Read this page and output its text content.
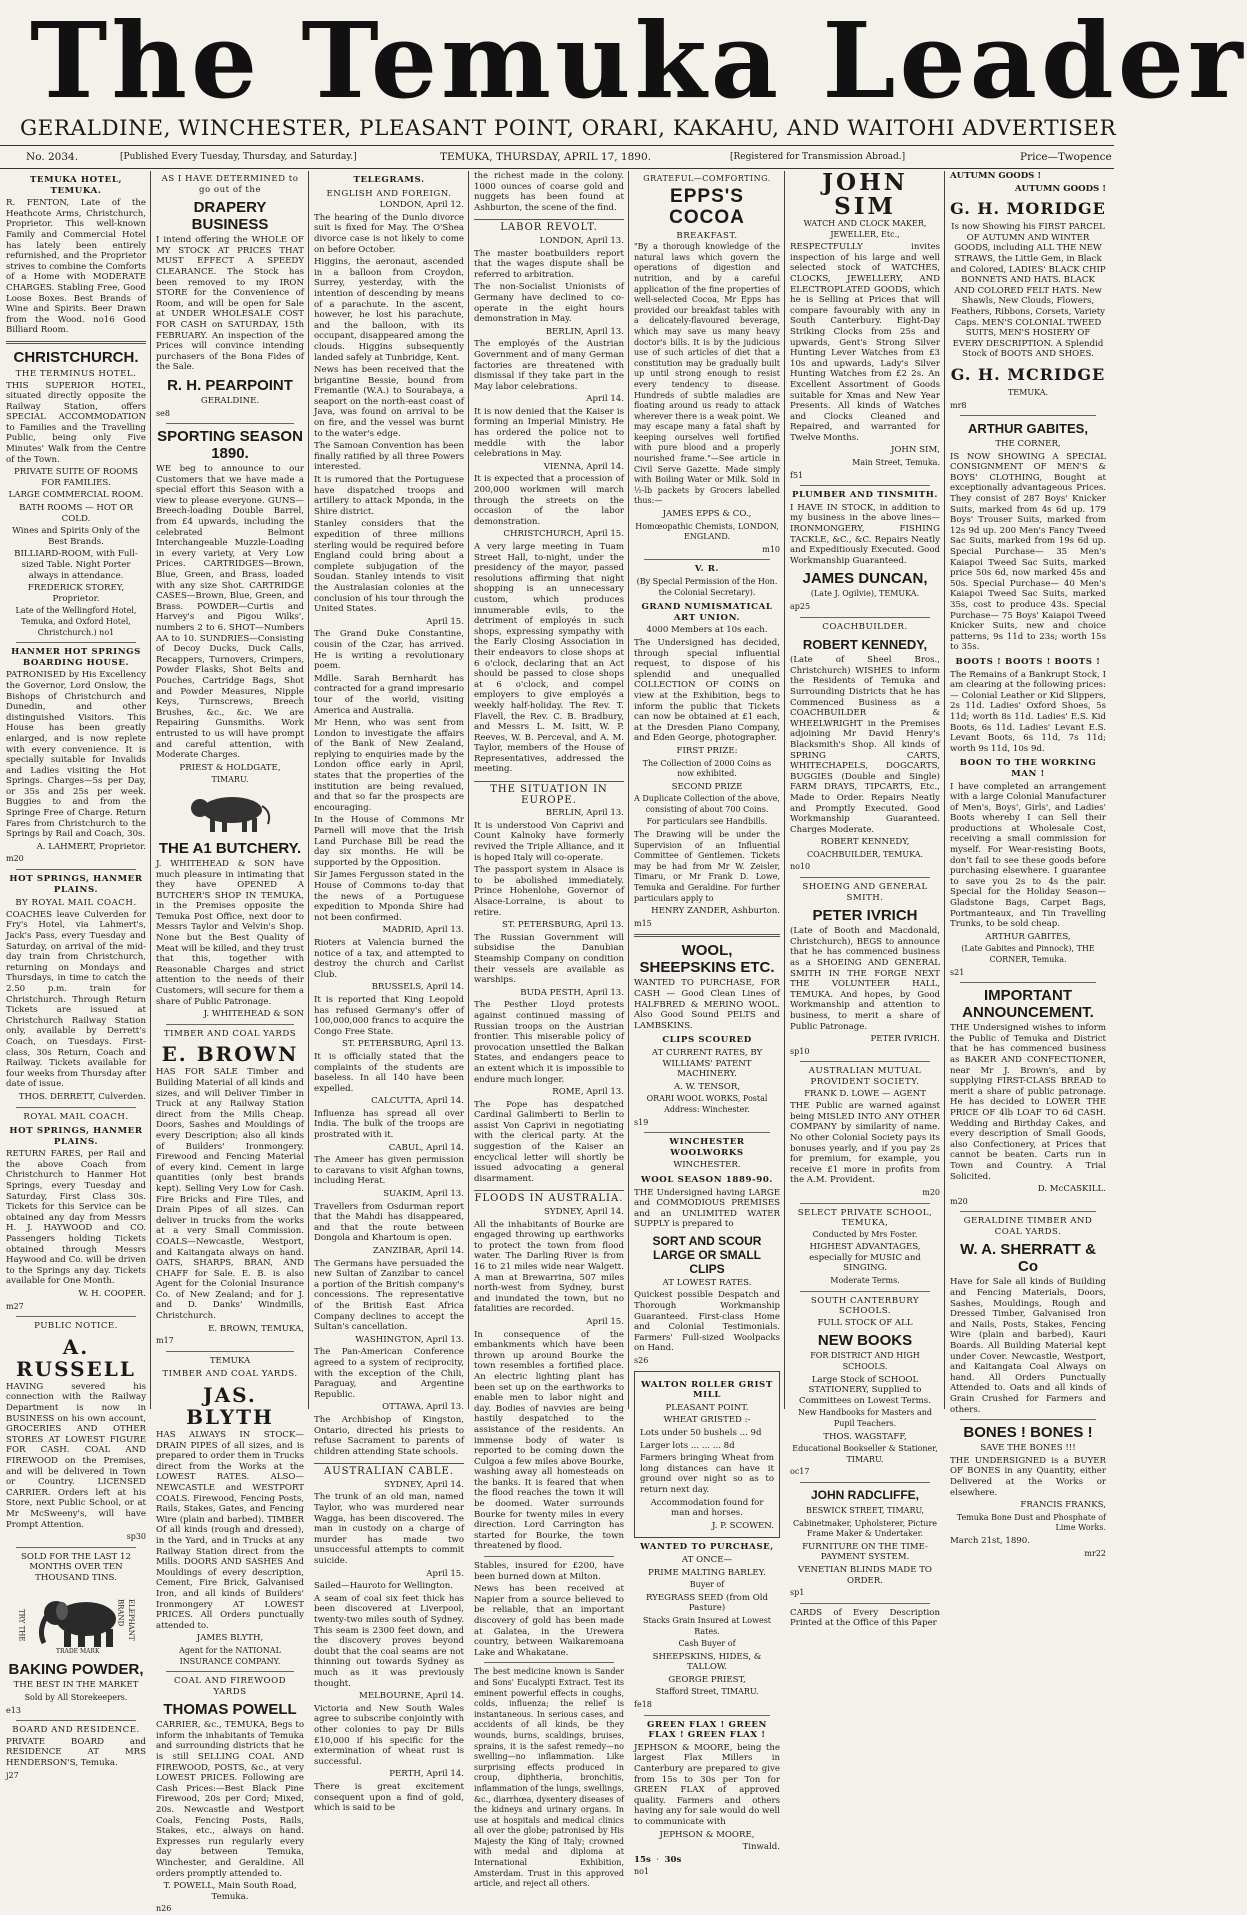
The Temuka Leader
GERALDINE, WINCHESTER, PLEASANT POINT, ORARI, KAKAHU, AND WAITOHI ADVERTISER
No. 2034.	[Published Every Tuesday, Thursday, and Saturday.]	TEMUKA, THURSDAY, APRIL 17, 1890.	[Registered for Transmission Abroad.]	Price—Twopence
TEMUKA HOTEL, TEMUKA.

R. FENTON, Late of the Heathcote Arms, Christchurch, Proprietor. This well-known Family and Commercial Hotel has lately been entirely refurnished, and the Proprietor strives to combine the Comforts of a Home with MODERATE CHARGES. Stabling Free, Good Loose Boxes. Best Brands of Wine and Spirits. Beer Drawn from the Wood. no16 Good Billiard Room.

CHRISTCHURCH.
THE TERMINUS HOTEL.

THIS SUPERIOR HOTEL, situated directly opposite the Railway Station, offers SPECIAL ACCOMMODATION to Families and the Travelling Public, being only Five Minutes' Walk from the Centre of the Town.

PRIVATE SUITE OF ROOMS FOR FAMILIES.

LARGE COMMERCIAL ROOM.

BATH ROOMS — HOT OR COLD.

Wines and Spirits Only of the Best Brands.

BILLIARD-ROOM, with Full-sized Table. Night Porter always in attendance.

FREDERICK STOREY, Proprietor.

Late of the Wellingford Hotel, Temuka, and Oxford Hotel, Christchurch.) no1

HANMER HOT SPRINGS BOARDING HOUSE.

PATRONISED by His Excellency the Governor, Lord Onslow, the Bishops of Christchurch and Dunedin, and other distinguished Visitors. This House has been greatly enlarged, and is now replete with every convenience. It is specially suitable for Invalids and Ladies visiting the Hot Springs. Charges—5s per Day, or 35s and 25s per week. Buggies to and from the Springe Free of Charge. Return Fares from Christchurch to the Springs by Rail and Coach, 30s.

A. LAHMERT, Proprietor.

m20

HOT SPRINGS, HANMER PLAINS.
BY ROYAL MAIL COACH.

COACHES leave Culverden for Fry's Hotel, via Lahmert's, Jack's Pass, every Tuesday and Saturday, on arrival of the mid-day train from Christchurch, returning on Mondays and Thursdays, in time to catch the 2.50 p.m. train for Christchurch. Through Return Tickets are issued at Christchurch Railway Station only, available by Derrett's Coach, on Tuesdays. First-class, 30s Return, Coach and Railway. Tickets available for four weeks from Thursday after date of issue.

THOS. DERRETT, Culverden.

ROYAL MAIL COACH.
HOT SPRINGS, HANMER PLAINS.

RETURN FARES, per Rail and the above Coach from Christchurch to Hanmer Hot Springs, every Tuesday and Saturday, First Class 30s. Tickets for this Service can be obtained any day from Messrs H. J. HAYWOOD and CO. Passengers holding Tickets obtained through Messrs Haywood and Co. will be driven to the Springs any day. Tickets available for One Month.

W. H. COOPER.

m27

PUBLIC NOTICE.
A. RUSSELL

HAVING severed his connection with the Railway Department is now in BUSINESS on his own account, GROCERIES AND OTHER STORES AT LOWEST FIGURE FOR CASH. COAL AND FIREWOOD on the Premises, and will be delivered in Town or Country. LICENSED CARRIER. Orders left at his Store, next Public School, or at Mr McSweeny's, will have Prompt Attention.

sp30

SOLD FOR THE LAST 12 MONTHS OVER TEN THOUSAND TINS.

TRY THE	ELEPHANT BRAND
TRADE MARK
BAKING POWDER,

THE BEST IN THE MARKET

Sold by All Storekeepers.

e13

BOARD AND RESIDENCE.

PRIVATE BOARD and RESIDENCE AT MRS HENDERSON'S, Temuka.

j27

AS I HAVE DETERMINED to go out of the
DRAPERY BUSINESS

I intend offering the WHOLE OF MY STOCK AT PRICES THAT MUST EFFECT A SPEEDY CLEARANCE. The Stock has been removed to my IRON STORE for the Convenience of Room, and will be open for Sale at UNDER WHOLESALE COST FOR CASH on SATURDAY, 15th FEBRUARY. An inspection of the Prices will convince intending purchasers of the Bona Fides of the Sale.

R. H. PEARPOINT

GERALDINE.

se8

SPORTING SEASON 1890.

WE beg to announce to our Customers that we have made a special effort this Season with a view to please everyone. GUNS—Breech-loading Double Barrel, from £4 upwards, including the celebrated Belmont Interchangeable Muzzle-Loading in every variety, at Very Low Prices. CARTRIDGES—Brown, Blue, Green, and Brass, loaded with any size Shot. CARTRIDGE CASES—Brown, Blue, Green, and Brass. POWDER—Curtis and Harvey's and Pigou Wilks', numbers 2 to 6. SHOT—Numbers AA to 10. SUNDRIES—Consisting of Decoy Ducks, Duck Calls, Recappers, Turnovers, Crimpers, Powder Flasks, Shot Belts and Pouches, Cartridge Bags, Shot and Powder Measures, Nipple Keys, Turnscrews, Breech Brushes, &c., &c. We are Repairing Gunsmiths. Work entrusted to us will have prompt and careful attention, with Moderate Charges.

PRIEST & HOLDGATE,

TIMARU.

THE A1 BUTCHERY.

J. WHITEHEAD & SON have much pleasure in intimating that they have OPENED A BUTCHER'S SHOP IN TEMUKA, in the Premises opposite the Temuka Post Office, next door to Messrs Taylor and Velvin's Shop. None but the Best Quality of Meat will be killed, and they trust that this, together with Reasonable Charges and strict attention to the needs of their Customers, will secure for them a share of Public Patronage.

J. WHITEHEAD & SON

TIMBER AND COAL YARDS
E. BROWN

HAS FOR SALE Timber and Building Material of all kinds and sizes, and will Deliver Timber in Truck at any Railway Station direct from the Mills Cheap. Doors, Sashes and Mouldings of every Description; also all kinds of Builders' Ironmongery. Firewood and Fencing Material of every kind. Cement in large quantities (only best brands kept). Selling Very Low for Cash. Fire Bricks and Fire Tiles, and Drain Pipes of all sizes. Can deliver in trucks from the works at a very Small Commission. COALS—Newcastle, Westport, and Kaitangata always on hand. OATS, SHARPS, BRAN, AND CHAFF for Sale. E. B. is also Agent for the Colonial Insurance Co. of New Zealand; and for J. and D. Danks' Windmills, Christchurch.

E. BROWN, TEMUKA,

m17

TEMUKA

TIMBER AND COAL YARDS.
JAS. BLYTH

HAS ALWAYS IN STOCK— DRAIN PIPES of all sizes, and is prepared to order them in Trucks direct from the Works at the LOWEST RATES. ALSO— NEWCASTLE and WESTPORT COALS. Firewood, Fencing Posts, Rails, Stakes, Gates, and Fencing Wire (plain and barbed). TIMBER Of all kinds (rough and dressed), in the Yard, and in Trucks at any Railway Station direct from the Mills. DOORS AND SASHES And Mouldings of every description, Cement, Fire Brick, Galvanised Iron, and all kinds of Builders' Ironmongery AT LOWEST PRICES. All Orders punctually attended to.

JAMES BLYTH,

Agent for the NATIONAL INSURANCE COMPANY.

COAL AND FIREWOOD YARDS
THOMAS POWELL

CARRIER, &c., TEMUKA, Begs to inform the inhabitants of Temuka and surrounding districts that he is still SELLING COAL AND FIREWOOD, POSTS, &c., at very LOWEST PRICES. Following are Cash Prices:—Best Black Pine Firewood, 20s per Cord; Mixed, 20s. Newcastle and Westport Coals, Fencing Posts, Rails, Stakes, etc., always on hand. Expresses run regularly every day between Temuka, Winchester, and Geraldine. All orders promptly attended to.

T. POWELL, Main South Road, Temuka.

n26

TELEGRAMS.
ENGLISH AND FOREIGN.

LONDON, April 12.

The hearing of the Dunlo divorce suit is fixed for May. The O'Shea divorce case is not likely to come on before October.

Higgins, the aeronaut, ascended in a balloon from Croydon, Surrey, yesterday, with the intention of descending by means of a parachute. In the ascent, however, he lost his parachute, and the balloon, with its occupant, disappeared among the clouds. Higgins subsequently landed safely at Tunbridge, Kent.

News has been received that the brigantine Bessie, bound from Fremantle (W.A.) to Sourabaya, a seaport on the north-east coast of Java, was found on arrival to be on fire, and the vessel was burnt to the water's edge.

The Samoan Convention has been finally ratified by all three Powers interested.

It is rumored that the Portuguese have dispatched troops and artillery to attack Mponda, in the Shire district.

Stanley considers that the expedition of three millions sterling would be required before England could bring about a complete subjugation of the Soudan. Stanley intends to visit the Australasian colonies at the conclusion of his tour through the United States.

April 15.

The Grand Duke Constantine, cousin of the Czar, has arrived. He is writing a revolutionary poem.

Mdlle. Sarah Bernhardt has contracted for a grand impresario tour of the world, visiting America and Australia.

Mr Henn, who was sent from London to investigate the affairs of the Bank of New Zealand, replying to enquiries made by the London office early in April, states that the properties of the institution are being revalued, and that so far the prospects are encouraging.

In the House of Commons Mr Parnell will move that the Irish Land Purchase Bill be read the day six months. He will be supported by the Opposition.

Sir James Fergusson stated in the House of Commons to-day that the news of a Portuguese expedition to Mponda Shire had not been confirmed.

MADRID, April 13.

Rioters at Valencia burned the notice of a tax, and attempted to destroy the church and Carlist Club.

BRUSSELS, April 14.

It is reported that King Leopold has refused Germany's offer of 100,000,000 francs to acquire the Congo Free State.

ST. PETERSBURG, April 13.

It is officially stated that the complaints of the students are baseless. In all 140 have been expelled.

CALCUTTA, April 14.

Influenza has spread all over India. The bulk of the troops are prostrated with it.

CABUL, April 14.

The Ameer has given permission to caravans to visit Afghan towns, including Herat.

SUAKIM, April 13.

Travellers from Osdurman report that the Mahdi has disappeared, and that the route between Dongola and Khartoum is open.

ZANZIBAR, April 14.

The Germans have persuaded the new Sultan of Zanzibar to cancel a portion of the British company's concessions. The representative of the British East Africa Company declines to accept the Sultan's cancellation.

WASHINGTON, April 13.

The Pan-American Conference agreed to a system of reciprocity, with the exception of the Chili, Paraguay, and Argentine Republic.

OTTAWA, April 13.

The Archbishop of Kingston, Ontario, directed his priests to refuse Sacrament to parents of children attending State schools.

AUSTRALIAN CABLE.

SYDNEY, April 14.

The trunk of an old man, named Taylor, who was murdered near Wagga, has been discovered. The man in custody on a charge of murder has made two unsuccessful attempts to commit suicide.

April 15.

Sailed—Hauroto for Wellington.

A seam of coal six feet thick has been discovered at Liverpool, twenty-two miles south of Sydney. This seam is 2300 feet down, and the discovery proves beyond doubt that the coal seams are not thinning out towards Sydney as much as it was previously thought.

MELBOURNE, April 14.

Victoria and New South Wales agree to subscribe conjointly with other colonies to pay Dr Bills £10,000 if his specific for the extermination of wheat rust is successful.

PERTH, April 14.

There is great excitement consequent upon a find of gold, which is said to be

the richest made in the colony. 1000 ounces of coarse gold and nuggets has been found at Ashburton, the scene of the find.

LABOR REVOLT.

LONDON, April 13.

The master boatbuilders report that the wages dispute shall be referred to arbitration.

The non-Socialist Unionists of Germany have declined to co-operate in the eight hours demonstration in May.

BERLIN, April 13.

The employés of the Austrian Government and of many German factories are threatened with dismissal if they take part in the May labor celebrations.

April 14.

It is now denied that the Kaiser is forming an Imperial Ministry. He has ordered the police not to meddle with the labor celebrations in May.

VIENNA, April 14.

It is expected that a procession of 200,000 workmen will march through the streets on the occasion of the labor demonstration.

CHRISTCHURCH, April 15.

A very large meeting in Tuam Street Hall, to-night, under the presidency of the mayor, passed resolutions affirming that night shopping is an unnecessary custom, which produces innumerable evils, to the detriment of employés in such shops, expressing sympathy with the Early Closing Association in their endeavors to close shops at 6 o'clock, declaring that an Act should be passed to close shops at 6 o'clock, and compel employers to give employés a weekly half-holiday. The Rev. T. Flavell, the Rev. C. B. Bradbury, and Messrs L. M. Isitt, W. P. Reeves, W. B. Perceval, and A. M. Taylor, members of the House of Representatives, addressed the meeting.

THE SITUATION IN EUROPE.

BERLIN, April 13.

It is understood Von Caprivi and Count Kalnoky have formerly revived the Triple Alliance, and it is hoped Italy will co-operate.

The passport system in Alsace is to be abolished immediately. Prince Hohenlohe, Governor of Alsace-Lorraine, is about to retire.

ST. PETERSBURG, April 13.

The Russian Government will subsidise the Danubian Steamship Company on condition their vessels are available as warships.

BUDA PESTH, April 13.

The Pesther Lloyd protests against continued massing of Russian troops on the Austrian frontier. This miserable policy of provocation unsettled the Balkan States, and endangers peace to an extent which it is impossible to endure much longer.

ROME, April 13.

The Pope has despatched Cardinal Galimberti to Berlin to assist Von Caprivi in negotiating with the clerical party. At the suggestion of the Kaiser an encyclical letter will shortly be issued advocating a general disarmament.

FLOODS IN AUSTRALIA.

SYDNEY, April 14.

All the inhabitants of Bourke are engaged throwing up earthworks to protect the town from flood water. The Darling River is from 16 to 21 miles wide near Walgett. A man at Brewarrina, 507 miles north-west from Sydney, burst and inundated the town, but no fatalities are recorded.

April 15.

In consequence of the embankments which have been thrown up around Bourke the town resembles a fortified place. An electric lighting plant has been set up on the earthworks to enable men to labor night and day. Bodies of navvies are being hastily despatched to the assistance of the residents. An immense body of water is reported to be coming down the Culgoa a few miles above Bourke, washing away all homesteads on the banks. It is feared that when the flood reaches the town it will be doomed. Water surrounds Bourke for twenty miles in every direction. Lord Carrington has started for Bourke, the town threatened by flood.

Stables, insured for £200, have been burned down at Milton.

News has been received at Napier from a source believed to be reliable, that an important discovery of gold has been made at Galatea, in the Urewera country, between Waikaremoana Lake and Whakatane.

The best medicine known is Sander and Sons' Eucalypti Extract. Test its eminent powerful effects in coughs, colds, influenza; the relief is instantaneous. In serious cases, and accidents of all kinds, be they wounds, burns, scaldings, bruises, sprains, it is the safest remedy—no swelling—no inflammation. Like surprising effects produced in croup, diphtheria, bronchitis, inflammation of the lungs, swellings, &c., diarrhœa, dysentery diseases of the kidneys and urinary organs. In use at hospitals and medical clinics all over the globe; patronised by His Majesty the King of Italy; crowned with medal and diploma at International Exhibition, Amsterdam. Trust in this approved article, and reject all others.

GRATEFUL—COMFORTING.
EPPS'S COCOA
BREAKFAST.

"By a thorough knowledge of the natural laws which govern the operations of digestion and nutrition, and by a careful application of the fine properties of well-selected Cocoa, Mr Epps has provided our breakfast tables with a delicately-flavoured beverage, which may save us many heavy doctor's bills. It is by the judicious use of such articles of diet that a constitution may be gradually built up until strong enough to resist every tendency to disease. Hundreds of subtle maladies are floating around us ready to attack wherever there is a weak point. We may escape many a fatal shaft by keeping ourselves well fortified with pure blood and a properly nourished frame."—See article in Civil Serve Gazette. Made simply with Boiling Water or Milk. Sold in ½-lb packets by Grocers labelled thus:—

JAMES EPPS & CO.,

Homœopathic Chemists, LONDON, ENGLAND.

m10

V. R.

(By Special Permission of the Hon. the Colonial Secretary).

GRAND NUMISMATICAL ART UNION.

4000 Members at 10s each.

The Undersigned has decided, through special influential request, to dispose of his splendid and unequalled COLLECTION OF COINS on view at the Exhibition, begs to inform the public that Tickets can now be obtained at £1 each, at the Dresden Piano Company, and Eden George, photographer.

FIRST PRIZE:

The Collection of 2000 Coins as now exhibited.

SECOND PRIZE

A Duplicate Collection of the above, consisting of about 700 Coins.

For particulars see Handbills.

The Drawing will be under the Supervision of an Influential Committee of Gentlemen. Tickets may be had from Mr W. Zeisler, Timaru, or Mr Frank D. Lowe, Temuka and Geraldine. For further particulars apply to

HENRY ZANDER, Ashburton.

m15

WOOL, SHEEPSKINS ETC.

WANTED TO PURCHASE, FOR CASH — Good Clean Lines of HALFBRED & MERINO WOOL. Also Good Sound PELTS and LAMBSKINS.

CLIPS SCOURED

AT CURRENT RATES, BY WILLIAMS' PATENT MACHINERY.

A. W. TENSOR,

ORARI WOOL WORKS, Postal Address: Winchester.

s19

WINCHESTER WOOLWORKS

WINCHESTER.

WOOL SEASON 1889-90.

THE Undersigned having LARGE and COMMODIOUS PREMISES and an UNLIMITED WATER SUPPLY is prepared to

SORT AND SCOUR LARGE OR SMALL CLIPS

AT LOWEST RATES.

Quickest possible Despatch and Thorough Workmanship Guaranteed. First-class Home and Colonial Testimonials. Farmers' Full-sized Woolpacks on Hand.

s26

WALTON ROLLER GRIST MILL

PLEASANT POINT.

WHEAT GRISTED :-

Lots under 50 bushels ... 9d

Larger lots ... ... ... 8d

Farmers bringing Wheat from long distances can have it ground over night so as to return next day.

Accommodation found for man and horses.

J. P. SCOWEN.

WANTED TO PURCHASE,

AT ONCE—

PRIME MALTING BARLEY.

Buyer of

RYEGRASS SEED (from Old Pasture)

Stacks Grain Insured at Lowest Rates.

Cash Buyer of

SHEEPSKINS, HIDES, & TALLOW.

GEORGE PRIEST,

Stafford Street, TIMARU.

fe18

GREEN FLAX ! GREEN FLAX ! GREEN FLAX !

JEPHSON & MOORE, being the largest Flax Millers in Canterbury are prepared to give from 15s to 30s per Ton for GREEN FLAX of approved quality. Farmers and others having any for sale would do well to communicate with

JEPHSON & MOORE,

Tinwald.

15s  ·  30s

no1

JOHN SIM

WATCH AND CLOCK MAKER, JEWELLER, Etc.,

RESPECTFULLY invites inspection of his large and well selected stock of WATCHES, CLOCKS, JEWELLERY, AND ELECTROPLATED GOODS, which he is Selling at Prices that will compare favourably with any in South Canterbury. Eight-Day Striking Clocks from 25s and upwards, Gent's Strong Silver Hunting Lever Watches from £3 10s and upwards, Lady's Silver Hunting Watches from £2 2s. An Excellent Assortment of Goods suitable for Xmas and New Year Presents. All kinds of Watches and Clocks Cleaned and Repaired, and warranted for Twelve Months.

JOHN SIM,

Main Street, Temuka.

f51

PLUMBER AND TINSMITH.

I HAVE IN STOCK, in addition to my business in the above lines— IRONMONGERY, FISHING TACKLE, &C., &C. Repairs Neatly and Expeditiously Executed. Good Workmanship Guaranteed.

JAMES DUNCAN,

(Late J. Ogilvie), TEMUKA.

ap25

COACHBUILDER.
ROBERT KENNEDY,

(Late of Sheel Bros., Christchurch) WISHES to inform the Residents of Temuka and Surrounding Districts that he has Commenced Business as a COACHBUILDER & WHEELWRIGHT in the Premises adjoining Mr David Henry's Blacksmith's Shop. All kinds of SPRING CARTS, WHITECHAPELS, DOGCARTS, BUGGIES (Double and Single) FARM DRAYS, TIPCARTS, Etc., Made to Order. Repairs Neatly and Promptly Executed. Good Workmanship Guaranteed. Charges Moderate.

ROBERT KENNEDY,

COACHBUILDER, TEMUKA.

no10

SHOEING AND GENERAL SMITH.
PETER IVRICH

(Late of Booth and Macdonald, Christchurch), BEGS to announce that he has commenced business as a SHOEING AND GENERAL SMITH IN THE FORGE NEXT THE VOLUNTEER HALL, TEMUKA. And hopes, by Good Workmanship and attention to business, to merit a share of Public Patronage.

PETER IVRICH.

sp10

AUSTRALIAN MUTUAL PROVIDENT SOCIETY.

FRANK D. LOWE — AGENT

THE Public are warned against being MISLED INTO ANY OTHER COMPANY by similarity of name. No other Colonial Society pays its bonuses yearly, and if you pay 2s for premium, for example, you receive £1 more in profits from the A.M. Provident.

m20

SELECT PRIVATE SCHOOL, TEMUKA,

Conducted by Mrs Foster.

HIGHEST ADVANTAGES, especially for MUSIC and SINGING.

Moderate Terms.

SOUTH CANTERBURY SCHOOLS.

FULL STOCK OF ALL

NEW BOOKS

FOR DISTRICT AND HIGH SCHOOLS.

Large Stock of SCHOOL STATIONERY, Supplied to Committees on Lowest Terms.

New Handbooks for Masters and Pupil Teachers.

THOS. WAGSTAFF,

Educational Bookseller & Stationer, TIMARU.

oc17

JOHN RADCLIFFE,

BESWICK STREET, TIMARU,

Cabinetmaker, Upholsterer, Picture Frame Maker & Undertaker.

FURNITURE ON THE TIME-PAYMENT SYSTEM.

VENETIAN BLINDS MADE TO ORDER.

sp1

CARDS of Every Description Printed at the Office of this Paper

AUTUMN GOODS !

AUTUMN GOODS !

G. H. MORIDGE

Is now Showing his FIRST PARCEL OF AUTUMN AND WINTER GOODS, including ALL THE NEW STRAWS, the Little Gem, in Black and Colored, LADIES' BLACK CHIP BONNETS AND HATS. BLACK AND COLORED FELT HATS. New Shawls, New Clouds, Flowers, Feathers, Ribbons, Corsets, Variety Caps. MEN'S COLONIAL TWEED SUITS, MEN'S HOSIERY OF EVERY DESCRIPTION. A Splendid Stock of BOOTS AND SHOES.

G. H. MCRIDGE

TEMUKA.

mr8

ARTHUR GABITES,

THE CORNER,

IS NOW SHOWING A SPECIAL CONSIGNMENT OF MEN'S & BOYS' CLOTHING, Bought at exceptionally advantageous Prices. They consist of 287 Boys' Knicker Suits, marked from 4s 6d up. 179 Boys' Trouser Suits, marked from 12s 9d up. 200 Men's Fancy Tweed Sac Suits, marked from 19s 6d up. Special Purchase— 35 Men's Kaiapoi Tweed Sac Suits, marked price 50s 6d, now marked 45s and 50s. Special Purchase— 40 Men's Kaiapoi Tweed Sac Suits, marked 35s, cost to produce 43s. Special Purchase— 75 Boys' Kaiapoi Tweed Knicker Suits, new and choice patterns, 9s 11d to 23s; worth 15s to 35s.

BOOTS ! BOOTS ! BOOTS !

The Remains of a Bankrupt Stock, I am clearing at the following prices:— Colonial Leather or Kid Slippers, 2s 11d. Ladies' Oxford Shoes, 5s 11d; worth 8s 11d. Ladies' E.S. Kid Boots, 6s 11d. Ladies' Levant E.S. Levant Boots, 6s 11d, 7s 11d; worth 9s 11d, 10s 9d.

BOON TO THE WORKING MAN !

I have completed an arrangement with a large Colonial Manufacturer of Men's, Boys', Girls', and Ladies' Boots whereby I can Sell their productions at Wholesale Cost, receiving a small commission for myself. For Wear-resisting Boots, don't fail to see these goods before purchasing elsewhere. I guarantee to save you 2s to 4s the pair. Special for the Holiday Season— Gladstone Bags, Carpet Bags, Portmanteaux, and Tin Travelling Trunks, to be sold cheap.

ARTHUR GABITES,

(Late Gabites and Pinnock), THE CORNER, Temuka.

s21

IMPORTANT ANNOUNCEMENT.

THE Undersigned wishes to inform the Public of Temuka and District that he has commenced business as BAKER AND CONFECTIONER, near Mr J. Brown's, and by supplying FIRST-CLASS BREAD to merit a share of public patronage. He has decided to LOWER THE PRICE OF 4lb LOAF TO 6d CASH. Wedding and Birthday Cakes, and every description of Small Goods, also Confectionery, at Prices that cannot be beaten. Carts run in Town and Country. A Trial Solicited.

D. McCASKILL.

m20

GERALDINE TIMBER AND COAL YARDS.
W. A. SHERRATT & Co

Have for Sale all kinds of Building and Fencing Materials, Doors, Sashes, Mouldings, Rough and Dressed Timber, Galvanised Iron and Nails, Posts, Stakes, Fencing Wire (plain and barbed), Kauri Boards. All Building Material kept under Cover. Newcastle, Westport, and Kaitangata Coal Always on hand. All Orders Punctually Attended to. Oats and all kinds of Grain Crushed for Farmers and others.

BONES ! BONES !

SAVE THE BONES !!!

THE UNDERSIGNED is a BUYER OF BONES in any Quantity, either Delivered at the Works or elsewhere.

FRANCIS FRANKS,

Temuka Bone Dust and Phosphate of Lime Works.

March 21st, 1890.

mr22
